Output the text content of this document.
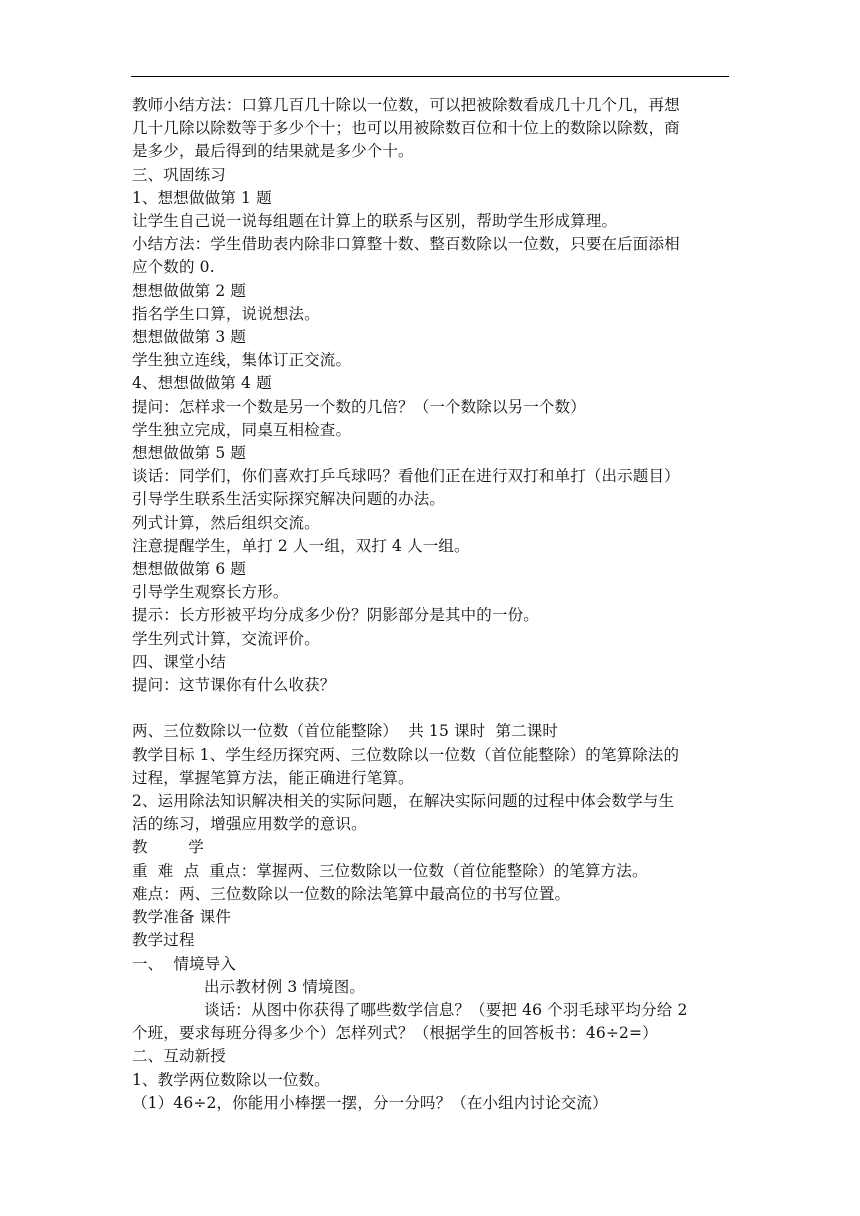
教师小结方法：口算几百几十除以一位数，可以把被除数看成几十几个几，再想

几十几除以除数等于多少个十；也可以用被除数百位和十位上的数除以除数，商

是多少，最后得到的结果就是多少个十。

三、巩固练习

1、想想做做第 1 题

让学生自己说一说每组题在计算上的联系与区别，帮助学生形成算理。

小结方法：学生借助表内除非口算整十数、整百数除以一位数，只要在后面添相

应个数的 0.

想想做做第 2 题

指名学生口算，说说想法。

想想做做第 3 题

学生独立连线，集体订正交流。

4、想想做做第 4 题

提问：怎样求一个数是另一个数的几倍？（一个数除以另一个数）

学生独立完成，同桌互相检查。

想想做做第 5 题

谈话：同学们，你们喜欢打乒乓球吗？看他们正在进行双打和单打（出示题目）

引导学生联系生活实际探究解决问题的办法。

列式计算，然后组织交流。

注意提醒学生，单打 2 人一组，双打 4 人一组。

想想做做第 6 题

引导学生观察长方形。

提示：长方形被平均分成多少份？阴影部分是其中的一份。

学生列式计算，交流评价。

四、课堂小结

提问：这节课你有什么收获？

两、三位数除以一位数（首位能整除）  共 15 课时  第二课时

教学目标 1、学生经历探究两、三位数除以一位数（首位能整除）的笔算除法的

过程，掌握笔算方法，能正确进行笔算。

2、运用除法知识解决相关的实际问题，在解决实际问题的过程中体会数学与生

活的练习，增强应用数学的意识。

教        学

重  难  点  重点：掌握两、三位数除以一位数（首位能整除）的笔算方法。

难点：两、三位数除以一位数的除法笔算中最高位的书写位置。

教学准备 课件

教学过程

一、  情境导入

出示教材例 3 情境图。

谈话：从图中你获得了哪些数学信息？（要把 46 个羽毛球平均分给 2

个班，要求每班分得多少个）怎样列式？（根据学生的回答板书：46÷2=）

二、互动新授

1、教学两位数除以一位数。

（1）46÷2，你能用小棒摆一摆，分一分吗？（在小组内讨论交流）
